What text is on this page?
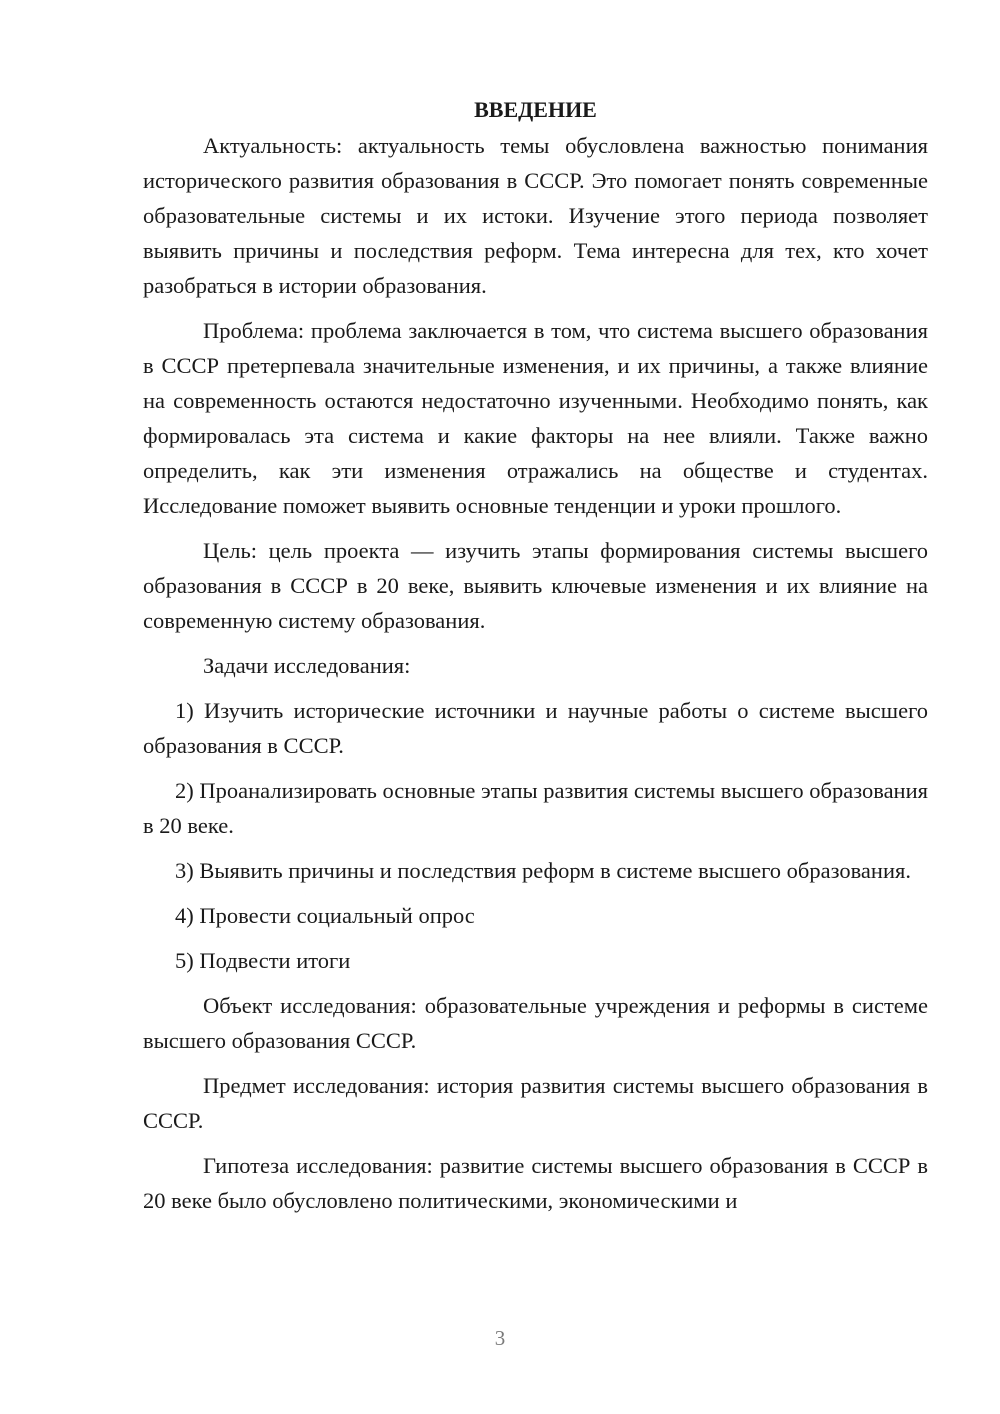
ВВЕДЕНИЕ

Актуальность: актуальность темы обусловлена важностью понимания исторического развития образования в СССР. Это помогает понять современные образовательные системы и их истоки. Изучение этого периода позволяет выявить причины и последствия реформ. Тема интересна для тех, кто хочет разобраться в истории образования.

Проблема: проблема заключается в том, что система высшего образования в СССР претерпевала значительные изменения, и их причины, а также влияние на современность остаются недостаточно изученными. Необходимо понять, как формировалась эта система и какие факторы на нее влияли. Также важно определить, как эти изменения отражались на обществе и студентах. Исследование поможет выявить основные тенденции и уроки прошлого.

Цель: цель проекта — изучить этапы формирования системы высшего образования в СССР в 20 веке, выявить ключевые изменения и их влияние на современную систему образования.

Задачи исследования:

1) Изучить исторические источники и научные работы о системе высшего образования в СССР.

2) Проанализировать основные этапы развития системы высшего образования в 20 веке.

3) Выявить причины и последствия реформ в системе высшего образования.

4) Провести социальный опрос

5) Подвести итоги

Объект исследования: образовательные учреждения и реформы в системе высшего образования СССР.

Предмет исследования: история развития системы высшего образования в СССР.

Гипотеза исследования: развитие системы высшего образования в СССР в 20 веке было обусловлено политическими, экономическими и

3
